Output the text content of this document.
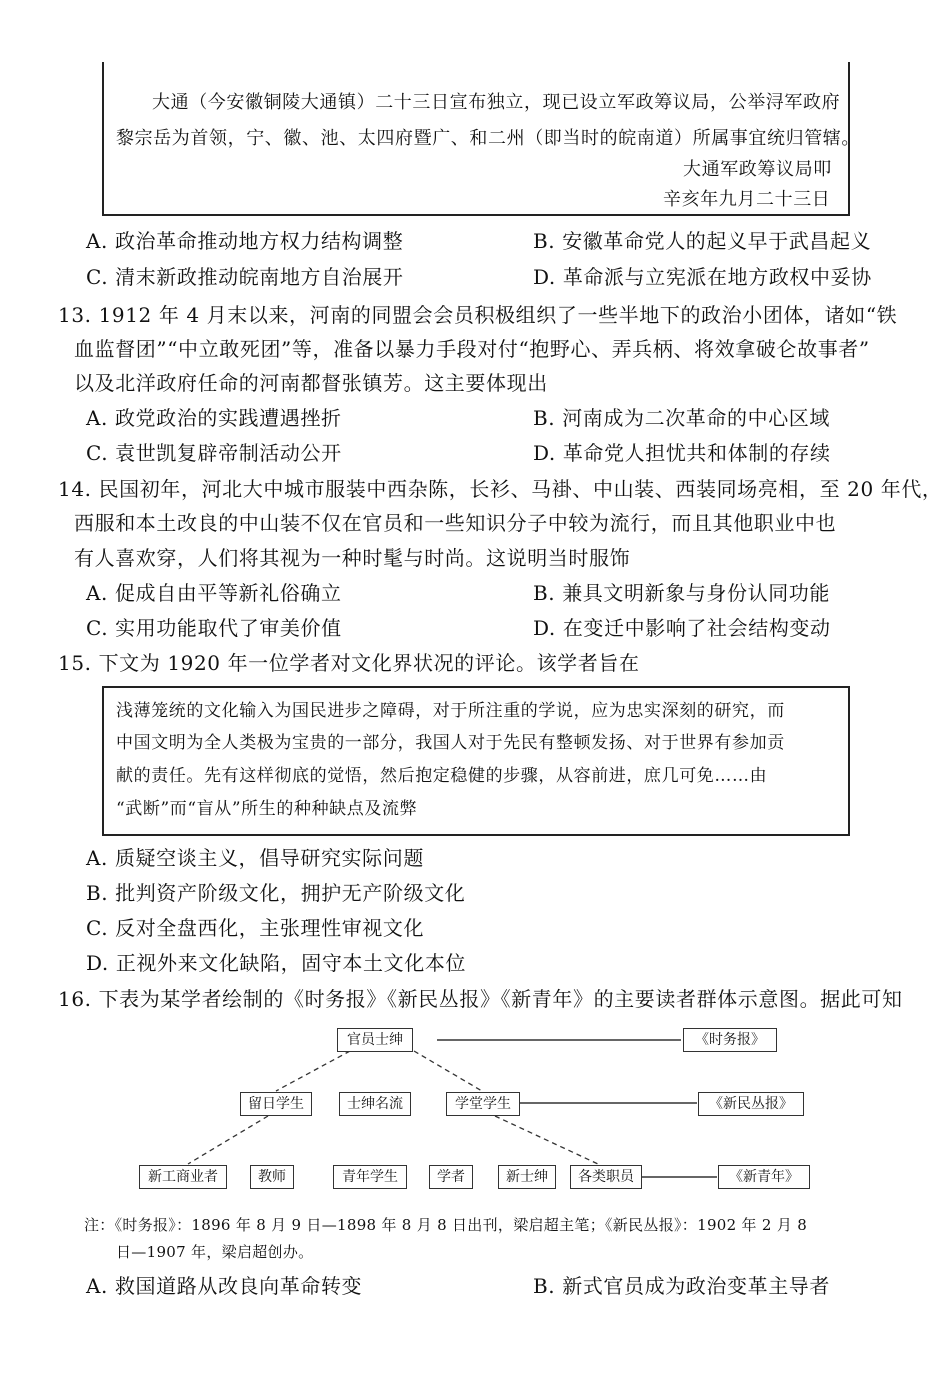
大通（今安徽铜陵大通镇）二十三日宣布独立，现已设立军政筹议局，公举浔军政府
黎宗岳为首领，宁、徽、池、太四府暨广、和二州（即当时的皖南道）所属事宜统归管辖。
大通军政筹议局叩
辛亥年九月二十三日
A. 政治革命推动地方权力结构调整	B. 安徽革命党人的起义早于武昌起义
C. 清末新政推动皖南地方自治展开	D. 革命派与立宪派在地方政权中妥协
13. 1912 年 4 月末以来，河南的同盟会会员积极组织了一些半地下的政治小团体，诸如“铁
血监督团”“中立敢死团”等，准备以暴力手段对付“抱野心、弄兵柄、将效拿破仑故事者”
以及北洋政府任命的河南都督张镇芳。这主要体现出
A. 政党政治的实践遭遇挫折	B. 河南成为二次革命的中心区域
C. 袁世凯复辟帝制活动公开	D. 革命党人担忧共和体制的存续
14. 民国初年，河北大中城市服装中西杂陈，长衫、马褂、中山装、西装同场亮相，至 20 年代，
西服和本土改良的中山装不仅在官员和一些知识分子中较为流行，而且其他职业中也
有人喜欢穿，人们将其视为一种时髦与时尚。这说明当时服饰
A. 促成自由平等新礼俗确立	B. 兼具文明新象与身份认同功能
C. 实用功能取代了审美价值	D. 在变迁中影响了社会结构变动
15. 下文为 1920 年一位学者对文化界状况的评论。该学者旨在
浅薄笼统的文化输入为国民进步之障碍，对于所注重的学说，应为忠实深刻的研究，而
中国文明为全人类极为宝贵的一部分，我国人对于先民有整顿发扬、对于世界有参加贡
献的责任。先有这样彻底的觉悟，然后抱定稳健的步骤，从容前进，庶几可免……由
“武断”而“盲从”所生的种种缺点及流弊
A. 质疑空谈主义，倡导研究实际问题
B. 批判资产阶级文化，拥护无产阶级文化
C. 反对全盘西化，主张理性审视文化
D. 正视外来文化缺陷，固守本土文化本位
16. 下表为某学者绘制的《时务报》《新民丛报》《新青年》的主要读者群体示意图。据此可知
官员士绅	《时务报》
留日学生	士绅名流	学堂学生	《新民丛报》
新工商业者	教师	青年学生	学者	新士绅	各类职员	《新青年》
注：《时务报》：1896 年 8 月 9 日—1898 年 8 月 8 日出刊，梁启超主笔；《新民丛报》：1902 年 2 月 8
日—1907 年，梁启超创办。
A. 救国道路从改良向革命转变	B. 新式官员成为政治变革主导者
